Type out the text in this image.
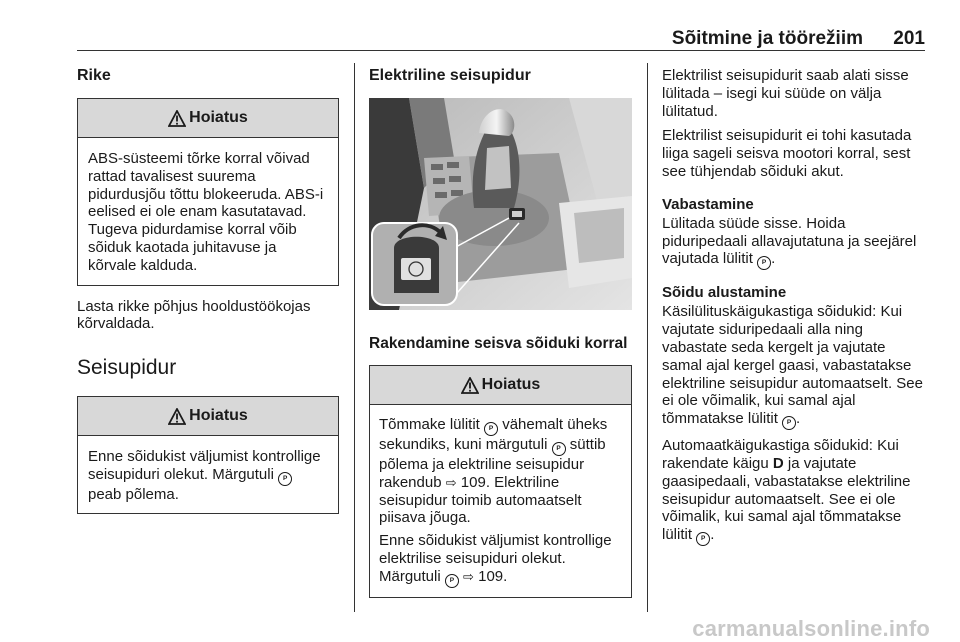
Sõitmine ja töörežiim 201
Rike
Hoiatus

ABS-süsteemi tõrke korral võivad rattad tavalisest suurema pidurdusjõu tõttu blokeeruda. ABS-i eelised ei ole enam kasutatavad. Tugeva pidurdamise korral võib sõiduk kaotada juhitavuse ja kõrvale kalduda.

Lasta rikke põhjus hooldustöökojas kõrvaldada.

Seisupidur
Hoiatus

Enne sõidukist väljumist kontrollige seisupiduri olekut. Märgutuli P peab põlema.

Elektriline seisupidur
Rakendamine seisva sõiduki korral
Hoiatus

Tõmmake lülitit P vähemalt üheks sekundiks, kuni märgutuli P süttib põlema ja elektriline seisupidur rakendub ⇨ 109. Elektriline seisupidur toimib automaatselt piisava jõuga.

Enne sõidukist väljumist kontrollige elektrilise seisupiduri olekut. Märgutuli P ⇨ 109.

Elektrilist seisupidurit saab alati sisse lülitada – isegi kui süüde on välja lülitatud.

Elektrilist seisupidurit ei tohi kasutada liiga sageli seisva mootori korral, sest see tühjendab sõiduki akut.

Vabastamine

Lülitada süüde sisse. Hoida piduripedaali allavajutatuna ja seejärel vajutada lülitit P .

Sõidu alustamine

Käsilülituskäigukastiga sõidukid: Kui vajutate siduripedaali alla ning vabastate seda kergelt ja vajutate samal ajal kergel gaasi, vabastatakse elektriline seisupidur automaatselt. See ei ole võimalik, kui samal ajal tõmmatakse lülitit P .

Automaatkäigukastiga sõidukid: Kui rakendate käigu D ja vajutate gaasipedaali, vabastatakse elektriline seisupidur automaatselt. See ei ole võimalik, kui samal ajal tõmmatakse lülitit P .

carmanualsonline.info
